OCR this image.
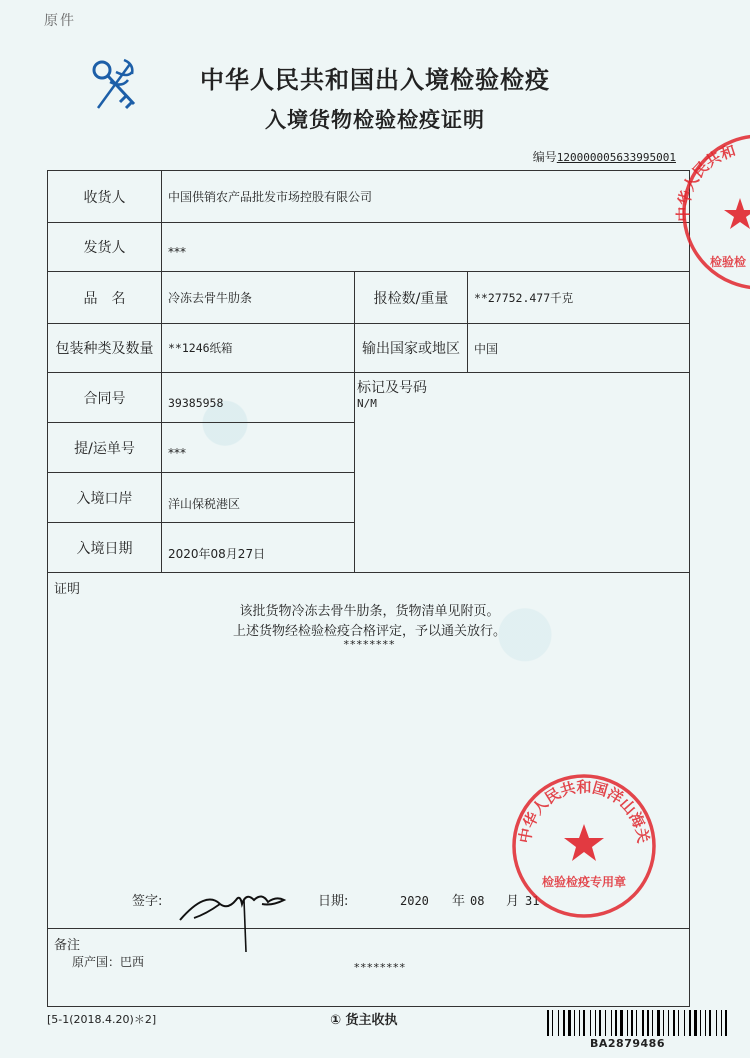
原件
中华人民共和国出入境检验检疫
入境货物检验检疫证明
编号120000005633995001
收货人	中国供销农产品批发市场控股有限公司		
发货人	***		
品　名	冷冻去骨牛肋条	报检数/重量	**27752.477千克
包装种类及数量	**1246纸箱	输出国家或地区	中国
合同号	39385958	标记及号码
N/M	

提/运单号	***		
入境口岸	洋山保税港区		
入境日期	2020年08月27日		
证明
该批货物冷冻去骨牛肋条，货物清单见附页。
上述货物经检验检疫合格评定，予以通关放行。
********
签字:	日期:	2020 年 08 月 31
备注
原产国：巴西	********
[5-1(2018.4.20)＊2]	① 货主收执
BA2879486
中华人民共和国洋山海关
检验检疫专用章
中华人民共和
检验检
